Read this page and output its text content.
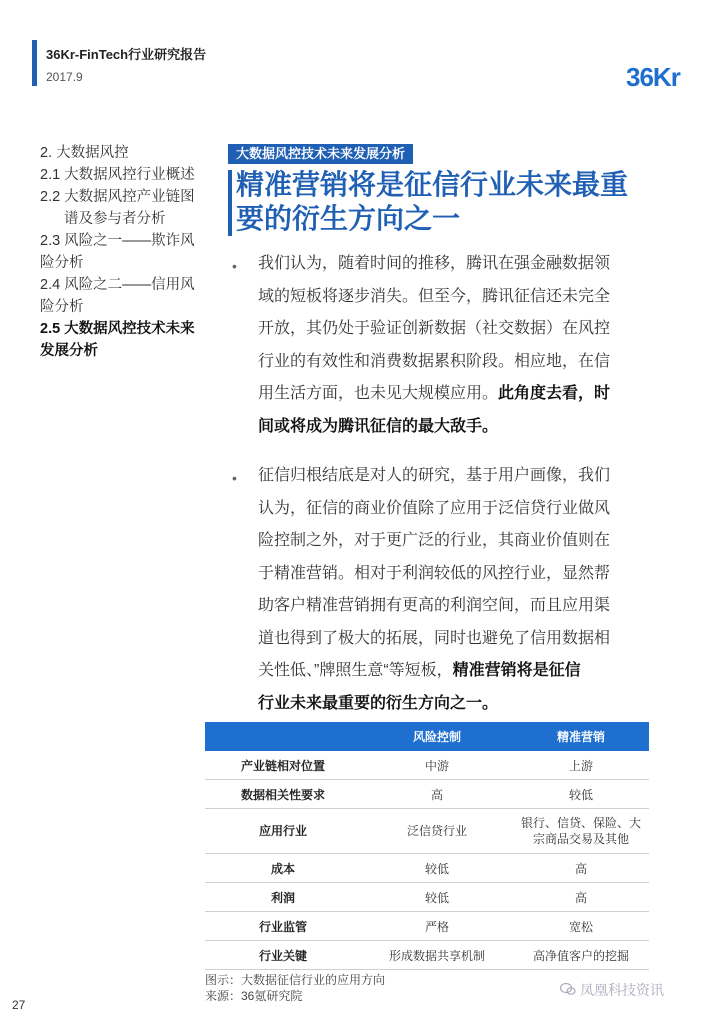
36Kr-FinTech行业研究报告
2017.9	36Kr
2. 大数据风控
2.1 大数据风控行业概述
2.2 大数据风控产业链图
谱及参与者分析
2.3 风险之一——欺诈风
险分析
2.4 风险之二——信用风
险分析
2.5 大数据风控技术未来
发展分析
大数据风控技术未来发展分析
精准营销将是征信行业未来最重
要的衍生方向之一
• 我们认为，随着时间的推移，腾讯在强金融数据领
域的短板将逐步消失。但至今，腾讯征信还未完全
开放，其仍处于验证创新数据（社交数据）在风控
行业的有效性和消费数据累积阶段。相应地，在信
用生活方面，也未见大规模应用。此角度去看，时
间或将成为腾讯征信的最大敌手。
• 征信归根结底是对人的研究，基于用户画像，我们
认为，征信的商业价值除了应用于泛信贷行业做风
险控制之外，对于更广泛的行业，其商业价值则在
于精准营销。相对于利润较低的风控行业，显然帮
助客户精准营销拥有更高的利润空间，而且应用渠
道也得到了极大的拓展，同时也避免了信用数据相
关性低、”牌照生意“等短板，精准营销将是征信
行业未来最重要的衍生方向之一。
	风险控制	精准营销
产业链相对位置	中游	上游
数据相关性要求	高	较低
应用行业	泛信贷行业	银行、信贷、保险、大宗商品交易及其他
成本	较低	高
利润	较低	高
行业监管	严格	宽松
行业关键	形成数据共享机制	高净值客户的挖掘
图示：大数据征信行业的应用方向
来源：36氪研究院
27
凤凰科技资讯
